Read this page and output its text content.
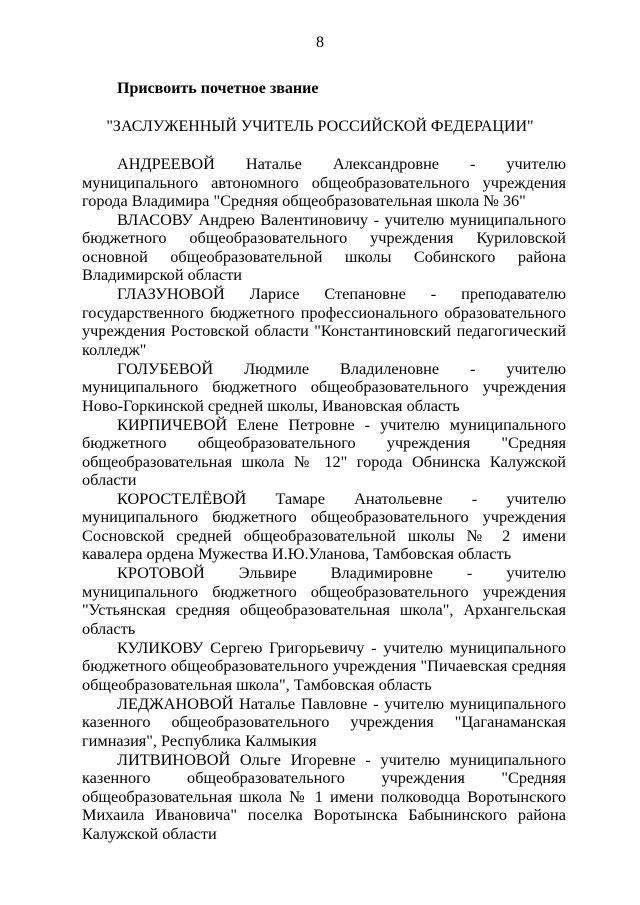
8
Присвоить почетное звание
"ЗАСЛУЖЕННЫЙ УЧИТЕЛЬ РОССИЙСКОЙ ФЕДЕРАЦИИ"

АНДРЕЕВОЙ Наталье Александровне - учителю муниципального автономного общеобразовательного учреждения города Владимира "Средняя общеобразовательная школа № 36"

ВЛАСОВУ Андрею Валентиновичу - учителю муниципального бюджетного общеобразовательного учреждения Куриловской основной общеобразовательной школы Собинского района Владимирской области

ГЛАЗУНОВОЙ Ларисе Степановне - преподавателю государственного бюджетного профессионального образовательного учреждения Ростовской области "Константиновский педагогический колледж"

ГОЛУБЕВОЙ Людмиле Владиленовне - учителю муниципального бюджетного общеобразовательного учреждения Ново-Горкинской средней школы, Ивановская область

КИРПИЧЕВОЙ Елене Петровне - учителю муниципального бюджетного общеобразовательного учреждения "Средняя общеобразовательная школа № 12" города Обнинска Калужской области

КОРОСТЕЛЁВОЙ Тамаре Анатольевне - учителю муниципального бюджетного общеобразовательного учреждения Сосновской средней общеобразовательной школы № 2 имени кавалера ордена Мужества И.Ю.Уланова, Тамбовская область

КРОТОВОЙ Эльвире Владимировне - учителю муниципального бюджетного общеобразовательного учреждения "Устьянская средняя общеобразовательная школа", Архангельская область

КУЛИКОВУ Сергею Григорьевичу - учителю муниципального бюджетного общеобразовательного учреждения "Пичаевская средняя общеобразовательная школа", Тамбовская область

ЛЕДЖАНОВОЙ Наталье Павловне - учителю муниципального казенного общеобразовательного учреждения "Цаганаманская гимназия", Республика Калмыкия

ЛИТВИНОВОЙ Ольге Игоревне - учителю муниципального казенного общеобразовательного учреждения "Средняя общеобразовательная школа № 1 имени полководца Воротынского Михаила Ивановича" поселка Воротынска Бабынинского района Калужской области
